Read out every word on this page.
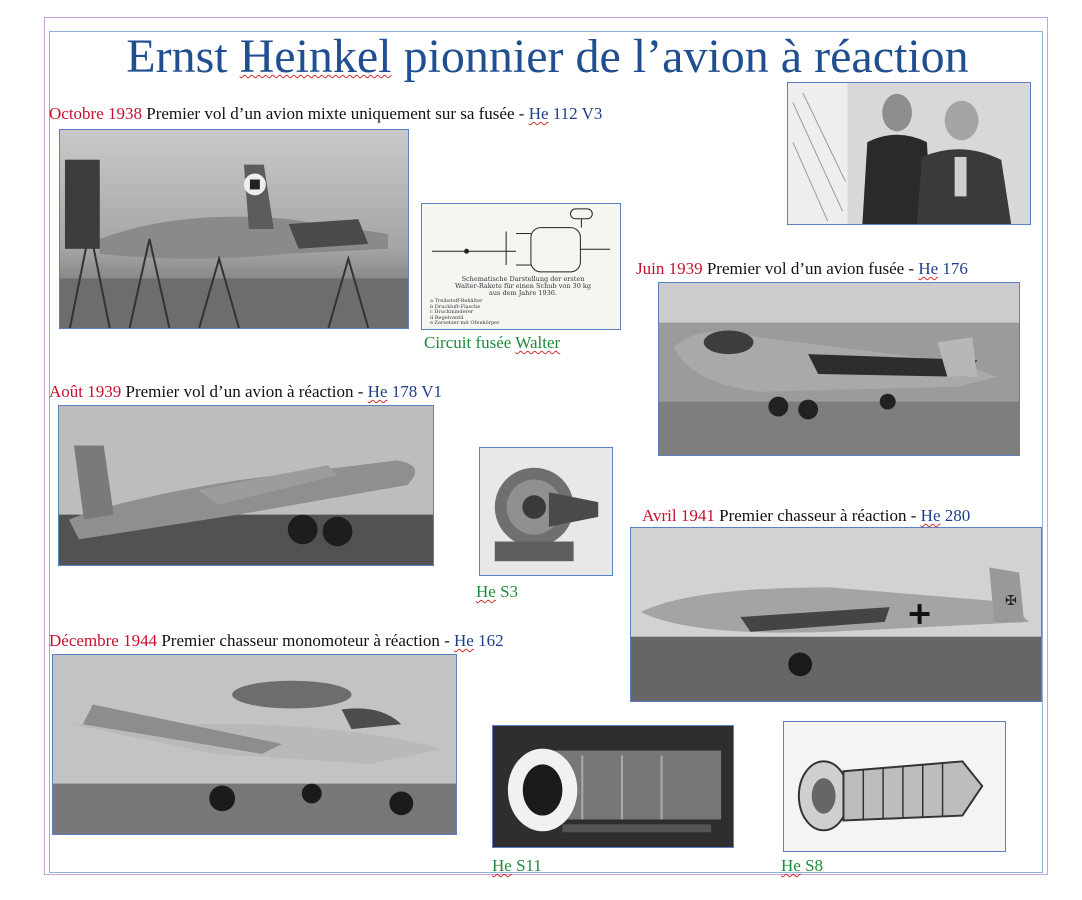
Ernst Heinkel pionnier de l’avion à réaction
Octobre 1938 Premier vol d’un avion mixte uniquement sur sa fusée - He 112 V3
Schematische Darstellung der ersten
Walter-Rakete für einen Schub von 30 kg
aus dem Jahre 1936.
a Treibstoff-Behälter
b Druckluft-Flasche
c Druckminderer
d Regelventil
e Zersetzer mit Ofenkörper
Circuit fusée Walter
Juin 1939 Premier vol d’un avion fusée - He 176
Août 1939 Premier vol d’un avion à réaction - He 178 V1
He S3
Avril 1941 Premier chasseur à réaction - He 280
✠
Décembre 1944 Premier chasseur monomoteur à réaction - He 162
He S11	He S8
